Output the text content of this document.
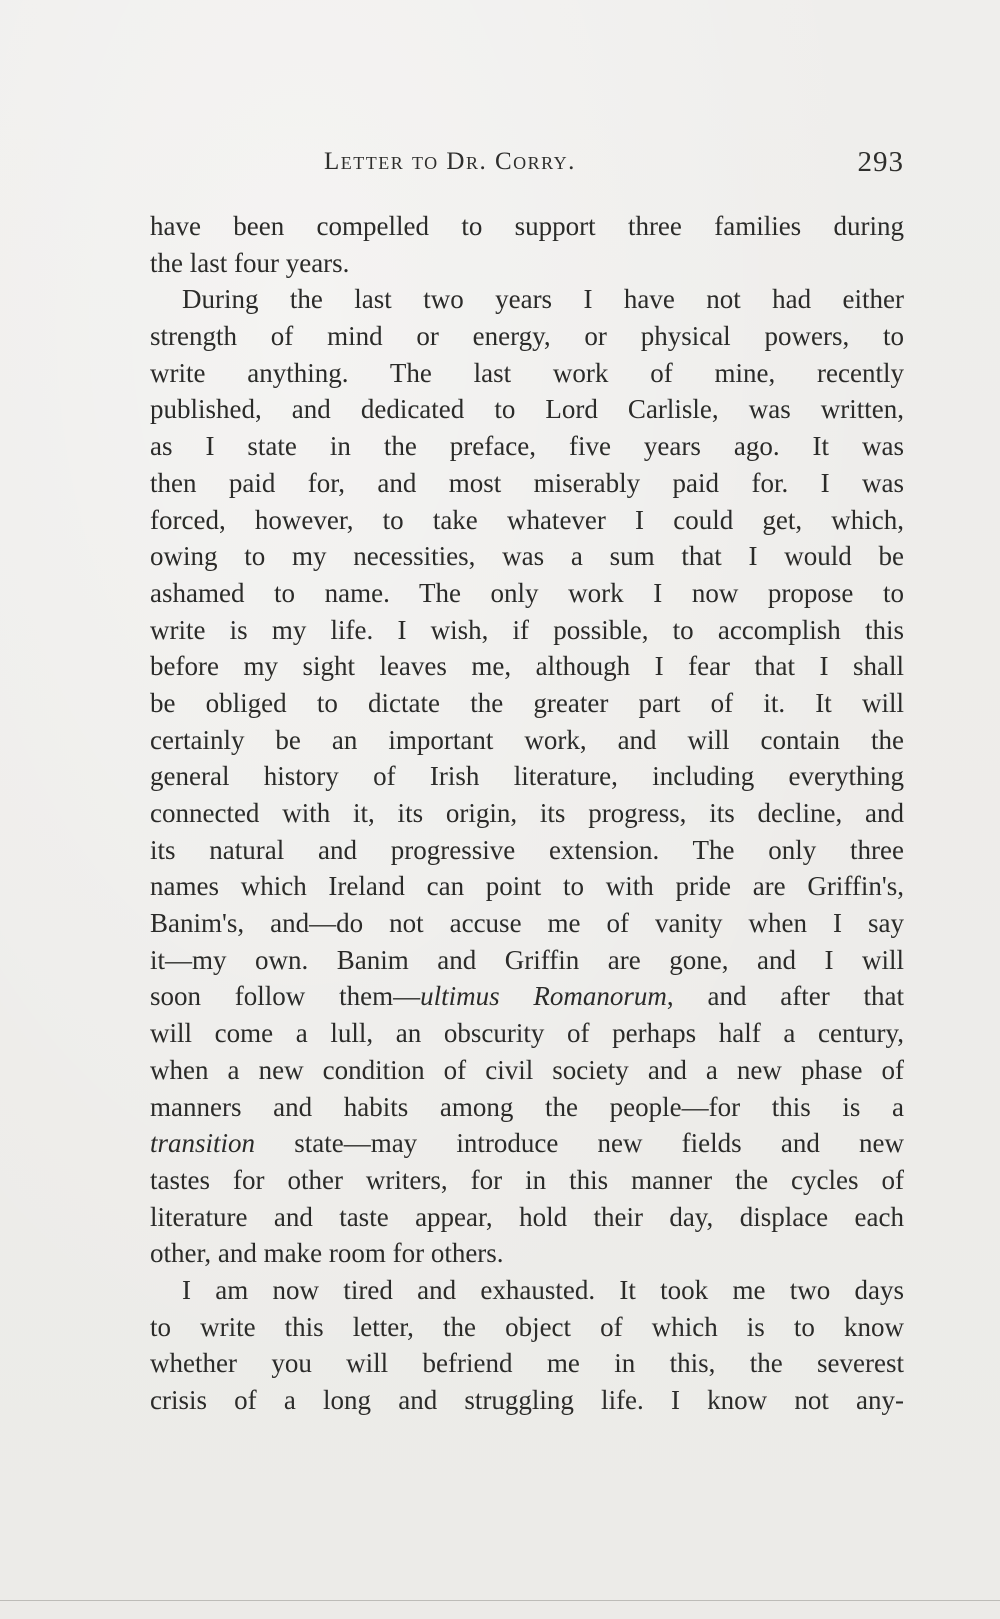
Letter to Dr. Corry.	293
have been compelled to support three families during
the last four years.
During the last two years I have not had either
strength of mind or energy, or physical powers, to
write anything. The last work of mine, recently
published, and dedicated to Lord Carlisle, was written,
as I state in the preface, five years ago. It was
then paid for, and most miserably paid for. I was
forced, however, to take whatever I could get, which,
owing to my necessities, was a sum that I would be
ashamed to name. The only work I now propose to
write is my life. I wish, if possible, to accomplish this
before my sight leaves me, although I fear that I shall
be obliged to dictate the greater part of it. It will
certainly be an important work, and will contain the
general history of Irish literature, including everything
connected with it, its origin, its progress, its decline, and
its natural and progressive extension. The only three
names which Ireland can point to with pride are Griffin's,
Banim's, and—do not accuse me of vanity when I say
it—my own. Banim and Griffin are gone, and I will
soon follow them—ultimus Romanorum, and after that
will come a lull, an obscurity of perhaps half a century,
when a new condition of civil society and a new phase of
manners and habits among the people—for this is a
transition state—may introduce new fields and new
tastes for other writers, for in this manner the cycles of
literature and taste appear, hold their day, displace each
other, and make room for others.
I am now tired and exhausted. It took me two days
to write this letter, the object of which is to know
whether you will befriend me in this, the severest
crisis of a long and struggling life. I know not any-
